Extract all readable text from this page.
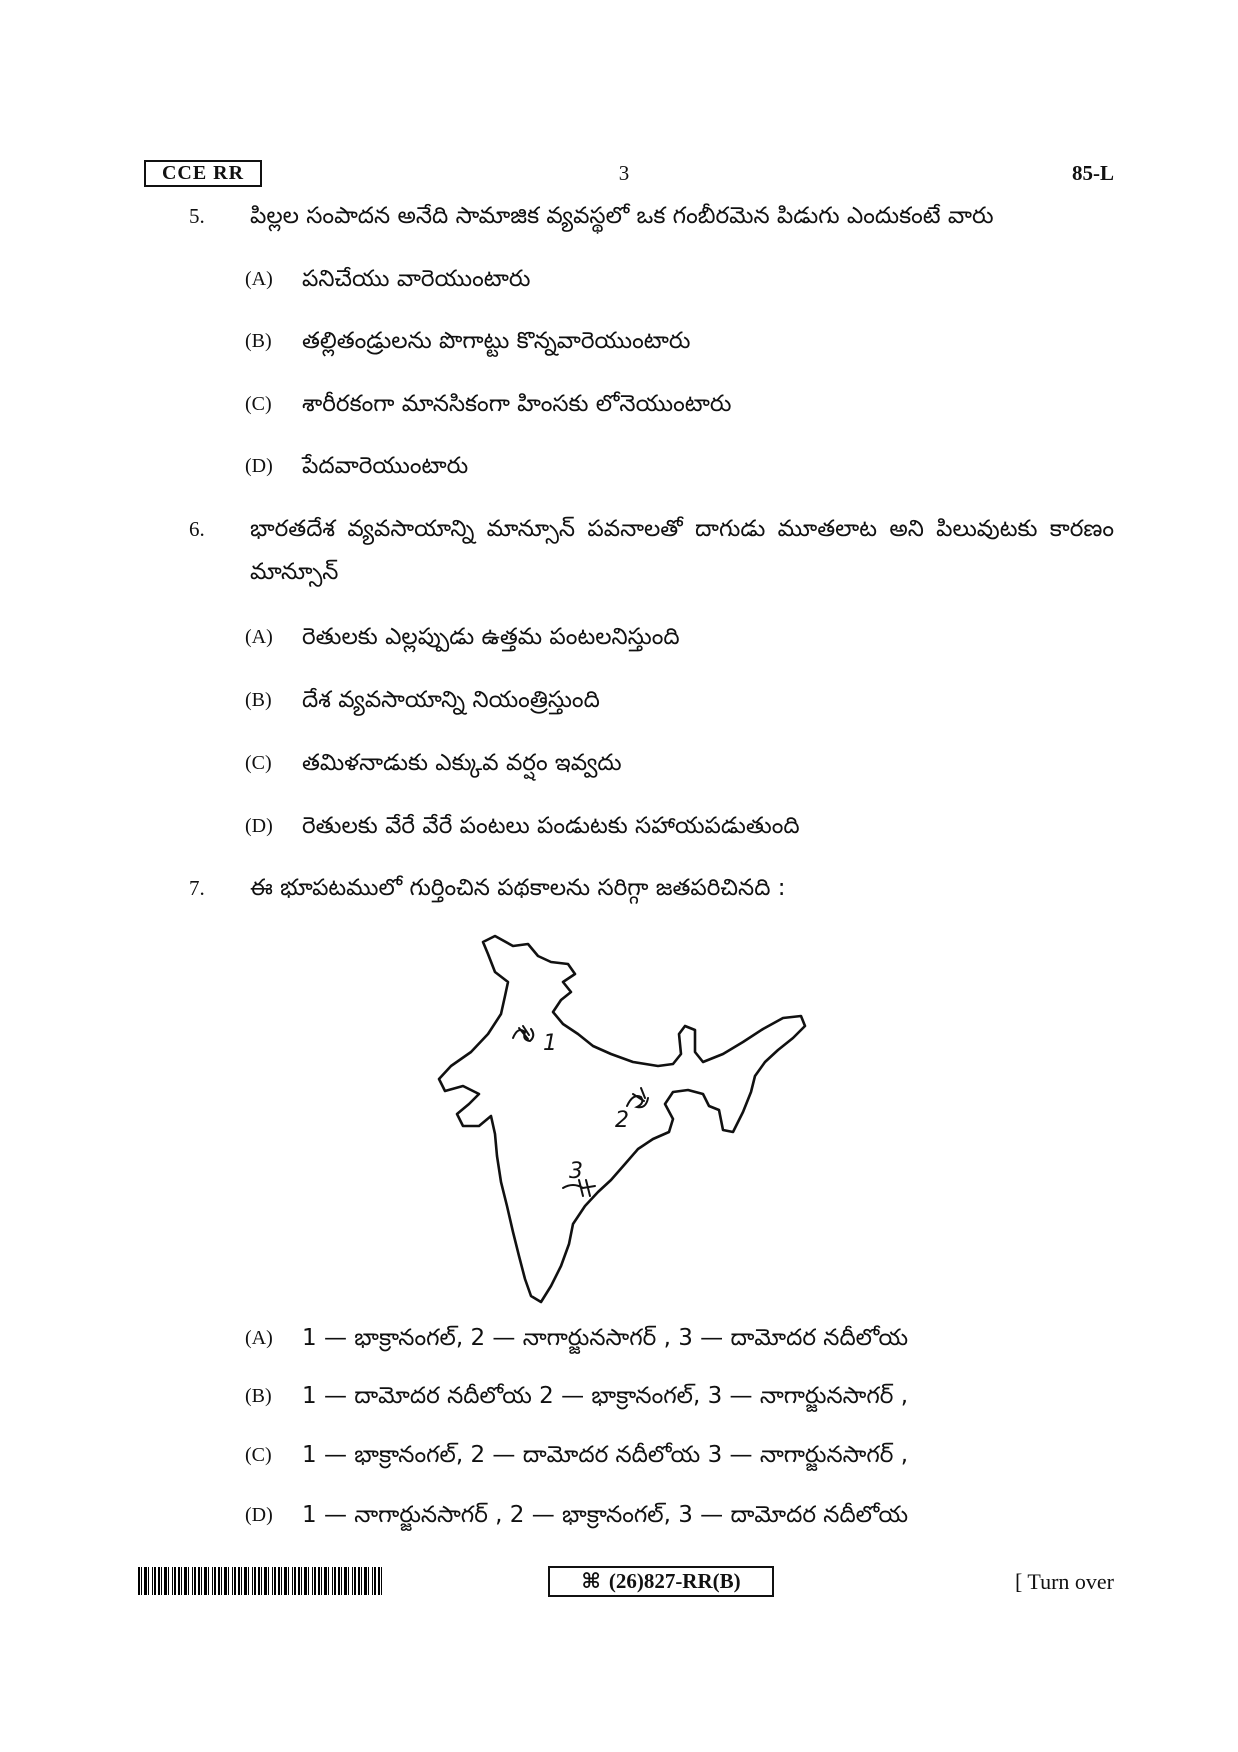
CCE RR	3	85-L
5. పిల్లల సంపాదన అనేది సామాజిక వ్యవస్థలో ఒక గంబీరమెన పిడుగు ఎందుకంటే వారు
(A) పనిచేయు వారెయుంటారు
(B) తల్లితండ్రులను పొగాట్టు కొన్నవారెయుంటారు
(C) శారీరకంగా మానసికంగా హింసకు లోనెయుంటారు
(D) పేదవారెయుంటారు
6. భారతదేశ వ్యవసాయాన్ని మాన్సూన్ పవనాలతో దాగుడు మూతలాట అని పిలువుటకు కారణం మాన్సూన్
(A) రెతులకు ఎల్లప్పుడు ఉత్తమ పంటలనిస్తుంది
(B) దేశ వ్యవసాయాన్ని నియంత్రిస్తుంది
(C) తమిళనాడుకు ఎక్కువ వర్షం ఇవ్వదు
(D) రెతులకు వేరే వేరే పంటలు పండుటకు సహాయపడుతుంది
7. ఈ భూపటములో గుర్తించిన పథకాలను సరిగ్గా జతపరిచినది :
1
2
3
(A) 1 — భాక్రానంగల్, 2 — నాగార్జునసాగర్ , 3 — దామోదర నదీలోయ
(B) 1 — దామోదర నదీలోయ 2 — భాక్రానంగల్, 3 — నాగార్జునసాగర్ ,
(C) 1 — భాక్రానంగల్, 2 — దామోదర నదీలోయ 3 — నాగార్జునసాగర్ ,
(D) 1 — నాగార్జునసాగర్ , 2 — భాక్రానంగల్, 3 — దామోదర నదీలోయ
⌘
(26)827-RR(B)	[ Turn over
